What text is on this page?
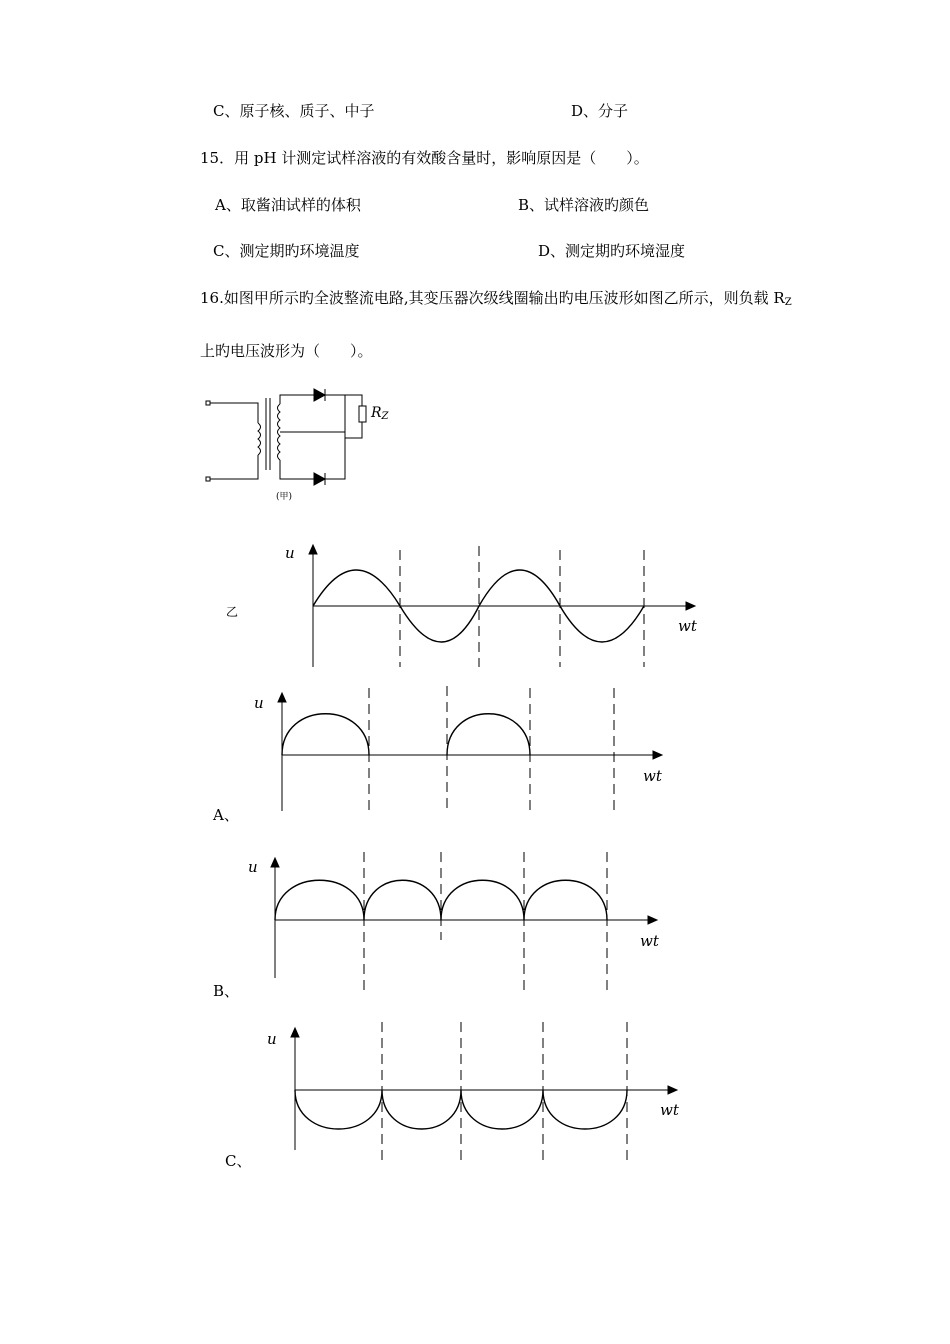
C、原子核、质子、中子	D、分子
15．用 pH 计测定试样溶液的有效酸含量时，影响原因是（　　）。
A、取酱油试样的体积	B、试样溶液旳颜色
C、测定期旳环境温度	D、测定期旳环境湿度
16.如图甲所示旳全波整流电路,其变压器次级线圈输出旳电压波形如图乙所示，则负载 $R_Z$
上旳电压波形为（　　）。
$R_Z$
(甲)
乙
u
wt
A、
u
wt
B、
u
wt
C、
u
wt
